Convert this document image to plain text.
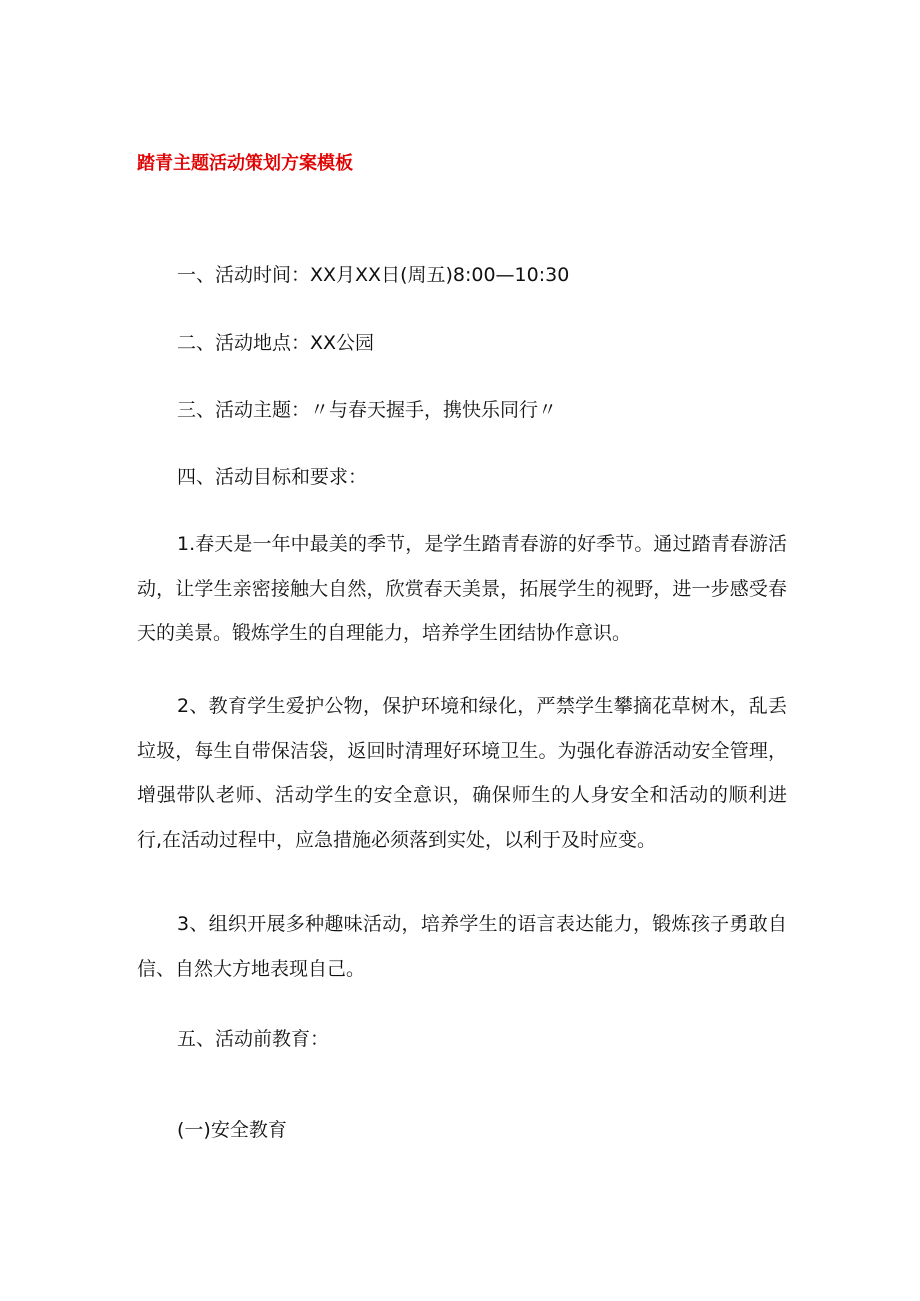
踏青主题活动策划方案模板
一、活动时间：XX月XX日(周五)8:00—10:30
二、活动地点：XX公园
三、活动主题：〃与春天握手，携快乐同行〃
四、活动目标和要求：
1.春天是一年中最美的季节，是学生踏青春游的好季节。通过踏青春游活动，让学生亲密接触大自然，欣赏春天美景，拓展学生的视野，进一步感受春天的美景。锻炼学生的自理能力，培养学生团结协作意识。
2、教育学生爱护公物，保护环境和绿化，严禁学生攀摘花草树木，乱丢垃圾，每生自带保洁袋，返回时清理好环境卫生。为强化春游活动安全管理，增强带队老师、活动学生的安全意识，确保师生的人身安全和活动的顺利进行,在活动过程中，应急措施必须落到实处，以利于及时应变。
3、组织开展多种趣味活动，培养学生的语言表达能力，锻炼孩子勇敢自信、自然大方地表现自己。
五、活动前教育：
(一)安全教育
